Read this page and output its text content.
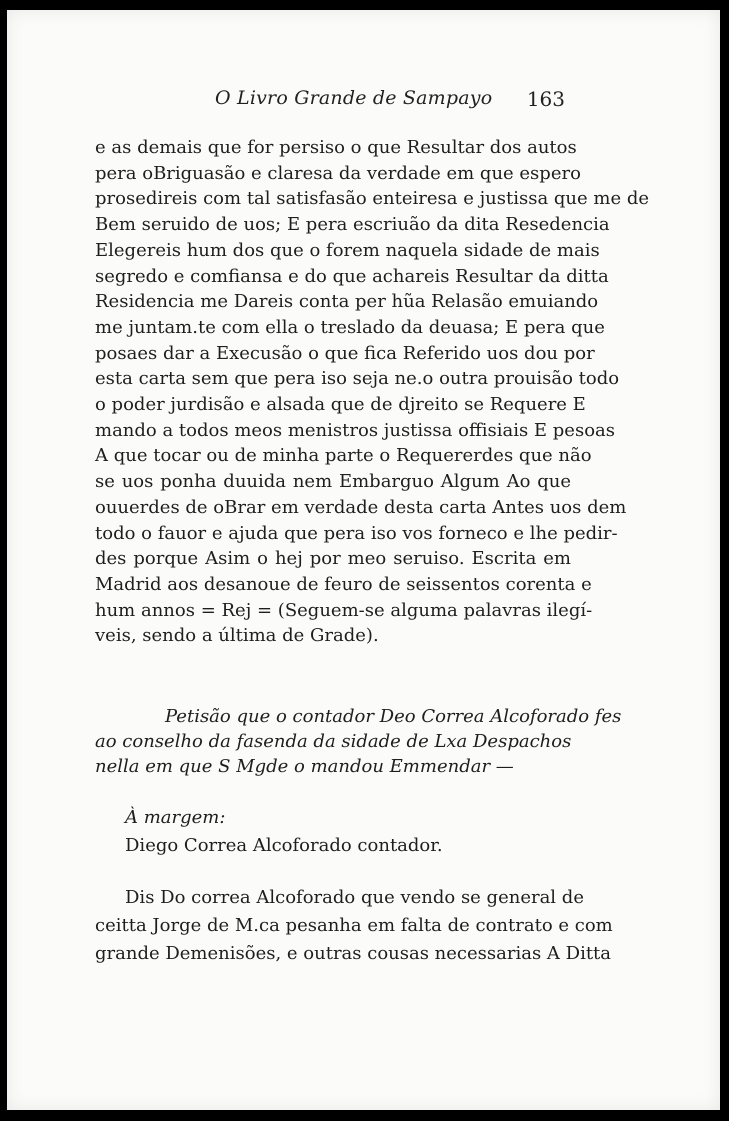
O Livro Grande de Sampayo 163
e as demais que for persiso o que Resultar dos autos
pera oBriguasão e claresa da verdade em que espero
prosedireis com tal satisfasão enteiresa e justissa que me de
Bem seruido de uos; E pera escriuão da dita Resedencia
Elegereis hum dos que o forem naquela sidade de mais
segredo e comfiansa e do que achareis Resultar da ditta
Residencia me Dareis conta per hũa Relasão emuiando
me juntam.te com ella o treslado da deuasa; E pera que
posaes dar a Execusão o que fica Referido uos dou por
esta carta sem que pera iso seja ne.o outra prouisão todo
o poder jurdisão e alsada que de djreito se Requere E
mando a todos meos menistros justissa offisiais E pesoas
A que tocar ou de minha parte o Requererdes que não
se uos ponha duuida nem Embarguo Algum Ao que
ouuerdes de oBrar em verdade desta carta Antes uos dem
todo o fauor e ajuda que pera iso vos forneco e lhe pedir-
des porque Asim o hej por meo seruiso. Escrita em
Madrid aos desanoue de feuro de seissentos corenta e
hum annos = Rej = (Seguem-se alguma palavras ilegí-
veis, sendo a última de Grade).
Petisão que o contador Deo Correa Alcoforado fes
ao conselho da fasenda da sidade de Lxa Despachos
nella em que S Mgde o mandou Emmendar —
À margem:
Diego Correa Alcoforado contador.
Dis Do correa Alcoforado que vendo se general de
ceitta Jorge de M.ca pesanha em falta de contrato e com
grande Demenisões, e outras cousas necessarias A Ditta
